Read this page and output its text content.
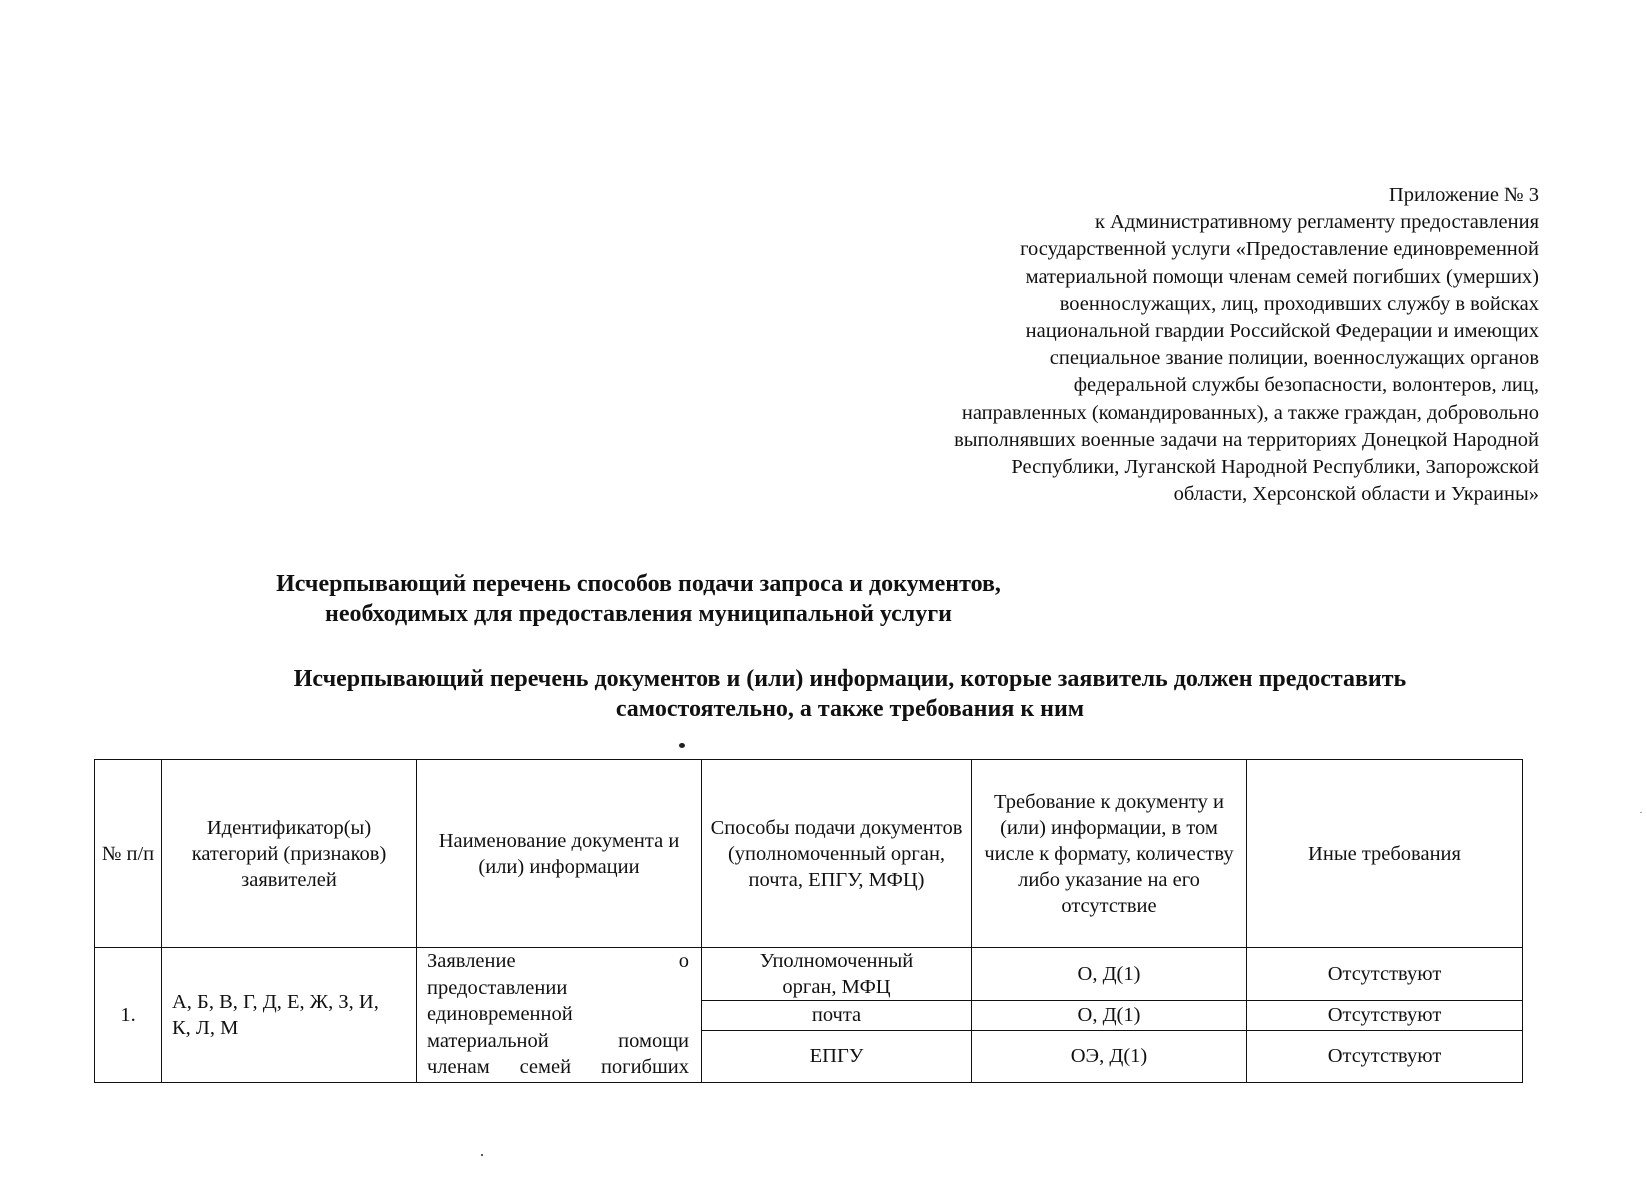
Приложение № 3
к Административному регламенту предоставления
государственной услуги «Предоставление единовременной
материальной помощи членам семей погибших (умерших)
военнослужащих, лиц, проходивших службу в войсках
национальной гвардии Российской Федерации и имеющих
специальное звание полиции, военнослужащих органов
федеральной службы безопасности, волонтеров, лиц,
направленных (командированных), а также граждан, добровольно
выполнявших военные задачи на территориях Донецкой Народной
Республики, Луганской Народной Республики, Запорожской
области, Херсонской области и Украины»
Исчерпывающий перечень способов подачи запроса и документов,
необходимых для предоставления муниципальной услуги
Исчерпывающий перечень документов и (или) информации, которые заявитель должен предоставить
самостоятельно, а также требования к ним
№ п/п	Идентификатор(ы) категорий (признаков) заявителей	Наименование документа и (или) информации	Способы подачи документов (уполномоченный орган, почта, ЕПГУ, МФЦ)	Требование к документу и (или) информации, в том числе к формату, количеству либо указание на его отсутствие	Иные требования
1.	А, Б, В, Г, Д, Е, Ж, З, И, К, Л, М	Заявление о
предоставлении
единовременной
материальной помощи
членам семей погибших	Уполномоченный орган, МФЦ	О, Д(1)	Отсутствуют
			почта	О, Д(1)	Отсутствуют
			ЕПГУ	ОЭ, Д(1)	Отсутствуют
